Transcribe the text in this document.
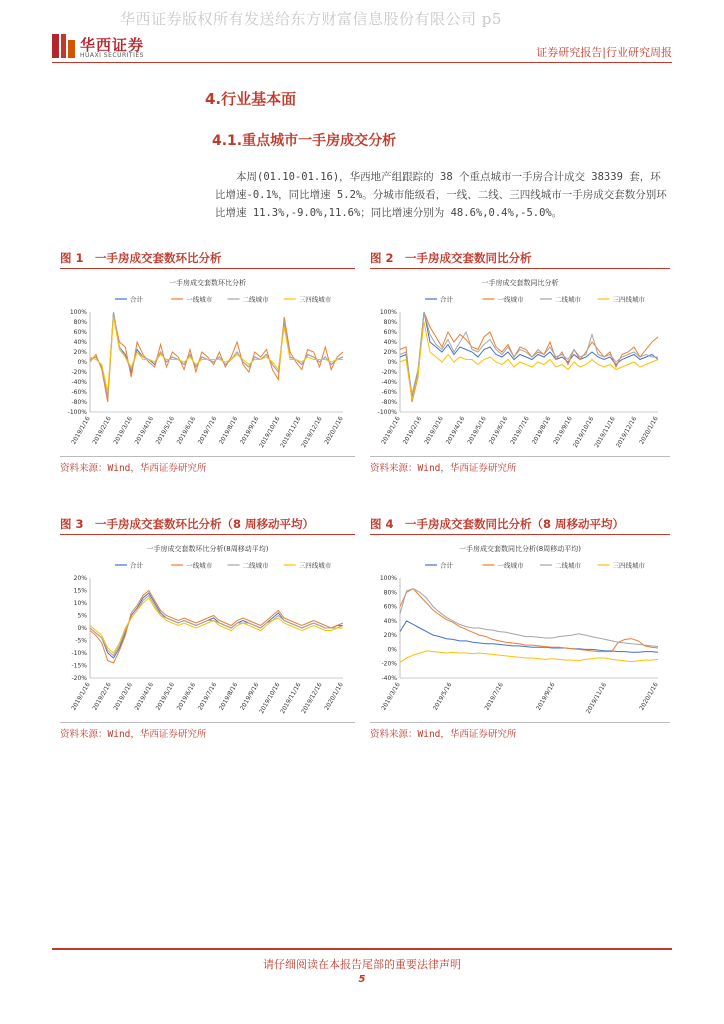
华西证券版权所有发送给东方财富信息股份有限公司 p5
华西证券
HUAXI SECURITIES	证券研究报告|行业研究周报
4.行业基本面
4.1.重点城市一手房成交分析
本周(01.10-01.16)，华西地产组跟踪的 38 个重点城市一手房合计成交 38339 套，环比增速-0.1%，同比增速 5.2%。分城市能级看，一线、二线、三四线城市一手房成交套数分别环比增速 11.3%,-9.0%,11.6%；同比增速分别为 48.6%,0.4%,-5.0%。
图 1　一手房成交套数环比分析	图 2　一手房成交套数同比分析
一手房成交套数环比分析
合计	一线城市	二线城市	三四线城市
100%
80%
60%
40%
20%
0%
-20%
-40%
-60%
-80%
-100%
2019/1/16 2019/2/16 2019/3/16 2019/4/16 2019/5/16 2019/6/16 2019/7/16 2019/8/16 2019/9/16
2019/10/16
2019/11/16
2019/12/16 2020/1/16
一手房成交套数同比分析
合计	一线城市	二线城市	三四线城市
100%
80%
60%
40%
20%
0%
-20%
-40%
-60%
-80%
-100%
2019/1/16 2019/2/16 2019/3/16 2019/4/16 2019/5/16 2019/6/16 2019/7/16 2019/8/16 2019/9/16
2019/10/16
2019/11/16
2019/12/16 2020/1/16
资料来源：Wind，华西证券研究所	资料来源：Wind，华西证券研究所
图 3　一手房成交套数环比分析（8 周移动平均）	图 4　一手房成交套数同比分析（8 周移动平均）
一手房成交套数环比分析(8周移动平均)
合计	一线城市	二线城市	三四线城市
20%
15%
10%
5%
0%
-5%
-10%
-15%
-20%
2019/1/16 2019/2/16 2019/3/16 2019/4/16 2019/5/16 2019/6/16 2019/7/16 2019/8/16 2019/9/16
2019/10/16
2019/11/16
2019/12/16 2020/1/16
一手房成交套数同比分析(8周移动平均)
合计	一线城市	二线城市	三四线城市
100%
80%
60%
40%
20%
0%
-20%
-40%
2019/3/16	2019/5/16	2019/7/16	2019/9/16	2019/11/16	2020/1/16
资料来源：Wind，华西证券研究所	资料来源：Wind，华西证券研究所
请仔细阅读在本报告尾部的重要法律声明
5
